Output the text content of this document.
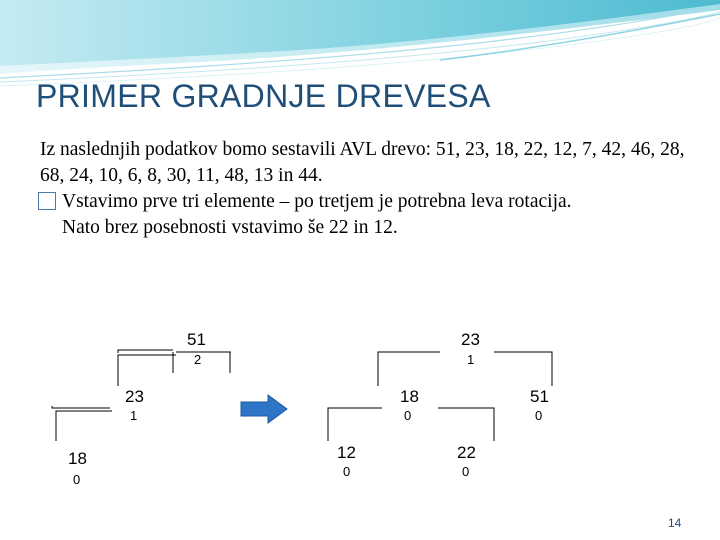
PRIMER GRADNJE DREVESA

Iz naslednjih podatkov bomo sestavili AVL drevo: 51, 23, 18, 22, 12, 7, 42, 46, 28, 68, 24, 10, 6, 8, 30, 11, 48, 13 in 44.

Vstavimo prve tri elemente – po tretjem je potrebna leva rotacija.
Nato brez posebnosti vstavimo še 22 in 12.

51
2
23
1
18
0
23
1
18
0
51
0
12
0
22
0
14
